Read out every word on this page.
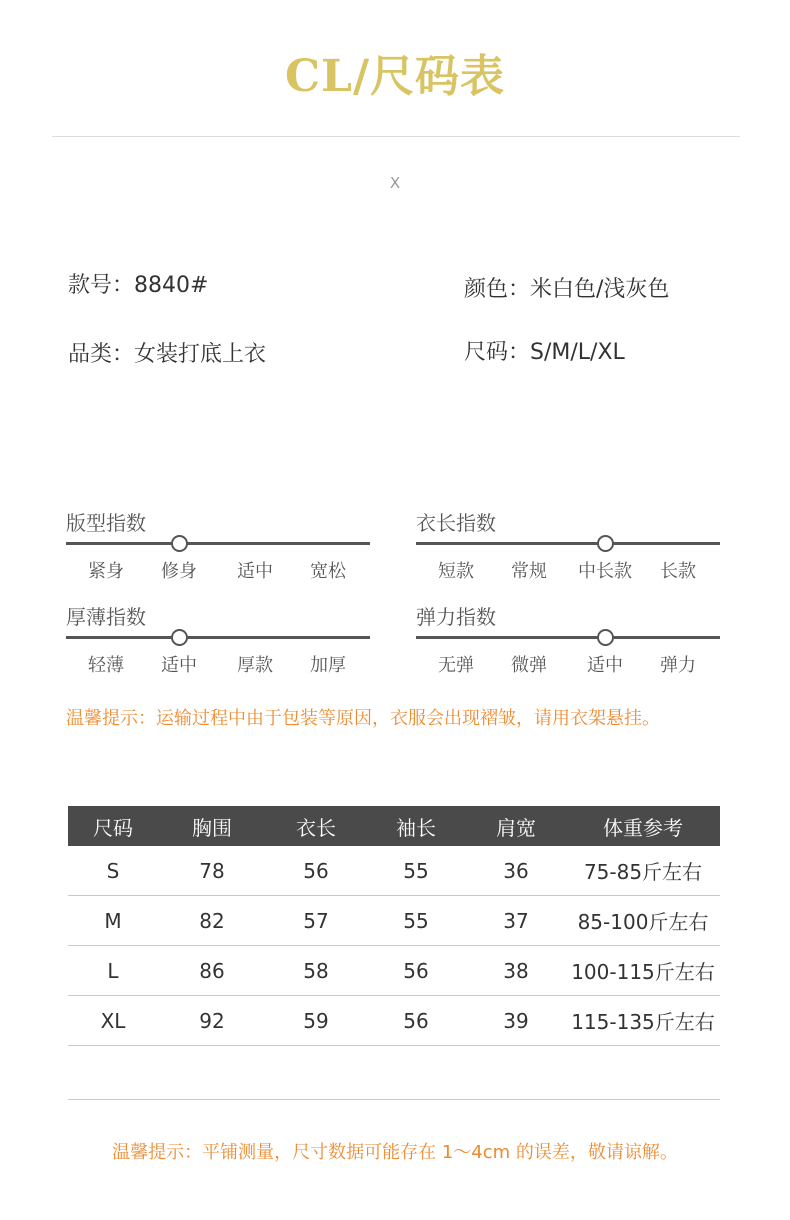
CL/尺码表
X
款号：8840#	颜色：米白色/浅灰色
品类：女装打底上衣	尺码：S/M/L/XL
版型指数
紧身	修身	适中	宽松
衣长指数
短款	常规	中长款	长款
厚薄指数
轻薄	适中	厚款	加厚
弹力指数
无弹	微弹	适中	弹力
温馨提示：运输过程中由于包装等原因，衣服会出现褶皱，请用衣架悬挂。
尺码	胸围	衣长	袖长	肩宽	体重参考
S	78	56	55	36	75-85斤左右
M	82	57	55	37	85-100斤左右
L	86	58	56	38	100-115斤左右
XL	92	59	56	39	115-135斤左右
温馨提示：平铺测量，尺寸数据可能存在 1～4cm 的误差，敬请谅解。
